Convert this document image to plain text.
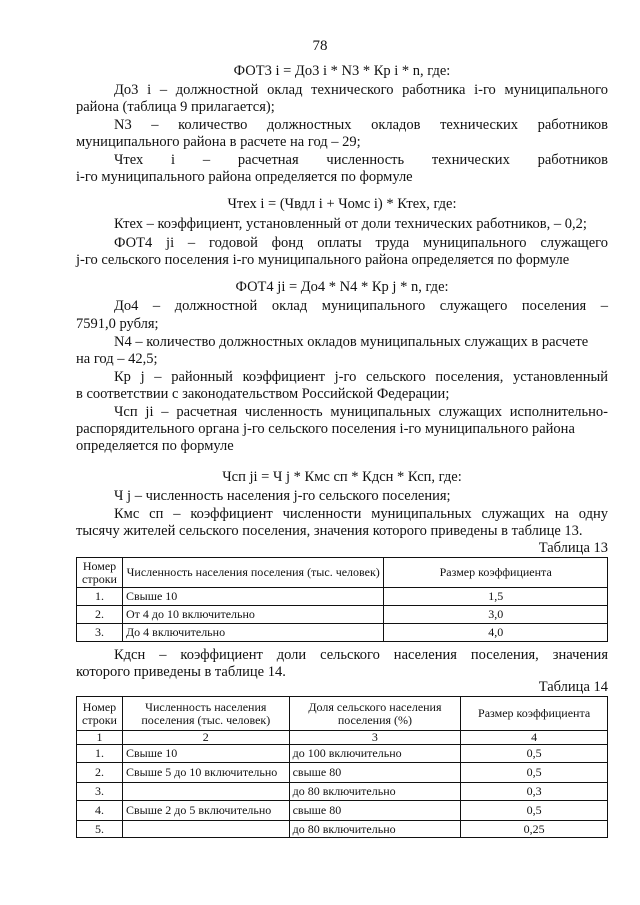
78
ФОТ3 i = До3 i * N3 * Кр i * n, где:
До3 i – должностной оклад технического работника i-го муниципального
района (таблица 9 прилагается);
N3 – количество должностных окладов технических работников
муниципального района в расчете на год – 29;
Чтех i – расчетная численность технических работников
i-го муниципального района определяется по формуле
Чтех i = (Чвдл i + Чомс i) * Ктех, где:
Ктех – коэффициент, установленный от доли технических работников, – 0,2;
ФОТ4 ji – годовой фонд оплаты труда муниципального служащего
j-го сельского поселения i-го муниципального района определяется по формуле
ФОТ4 ji = До4 * N4 * Кр j * n, где:
До4 – должностной оклад муниципального служащего поселения –
7591,0 рубля;
N4 – количество должностных окладов муниципальных служащих в расчете
на год – 42,5;
Кр j – районный коэффициент j-го сельского поселения, установленный
в соответствии с законодательством Российской Федерации;
Чсп ji – расчетная численность муниципальных служащих исполнительно-
распорядительного органа j-го сельского поселения i-го муниципального района
определяется по формуле
Чсп ji = Ч j * Кмс сп * Кдсн * Ксп, где:
Ч j – численность населения j-го сельского поселения;
Кмс сп – коэффициент численности муниципальных служащих на одну
тысячу жителей сельского поселения, значения которого приведены в таблице 13.
Таблица 13
Номер строки	Численность населения поселения (тыс. человек)	Размер коэффициента
1.	Свыше 10	1,5
2.	От 4 до 10 включительно	3,0
3.	До 4 включительно	4,0
Кдсн – коэффициент доли сельского населения поселения, значения
которого приведены в таблице 14.
Таблица 14
Номер строки	Численность населения поселения (тыс. человек)	Доля сельского населения поселения (%)	Размер коэффициента
1	2	3	4
1.	Свыше 10	до 100 включительно	0,5
2.	Свыше 5 до 10 включительно	свыше 80	0,5
3.		до 80 включительно	0,3
4.	Свыше 2 до 5 включительно	свыше 80	0,5
5.		до 80 включительно	0,25
